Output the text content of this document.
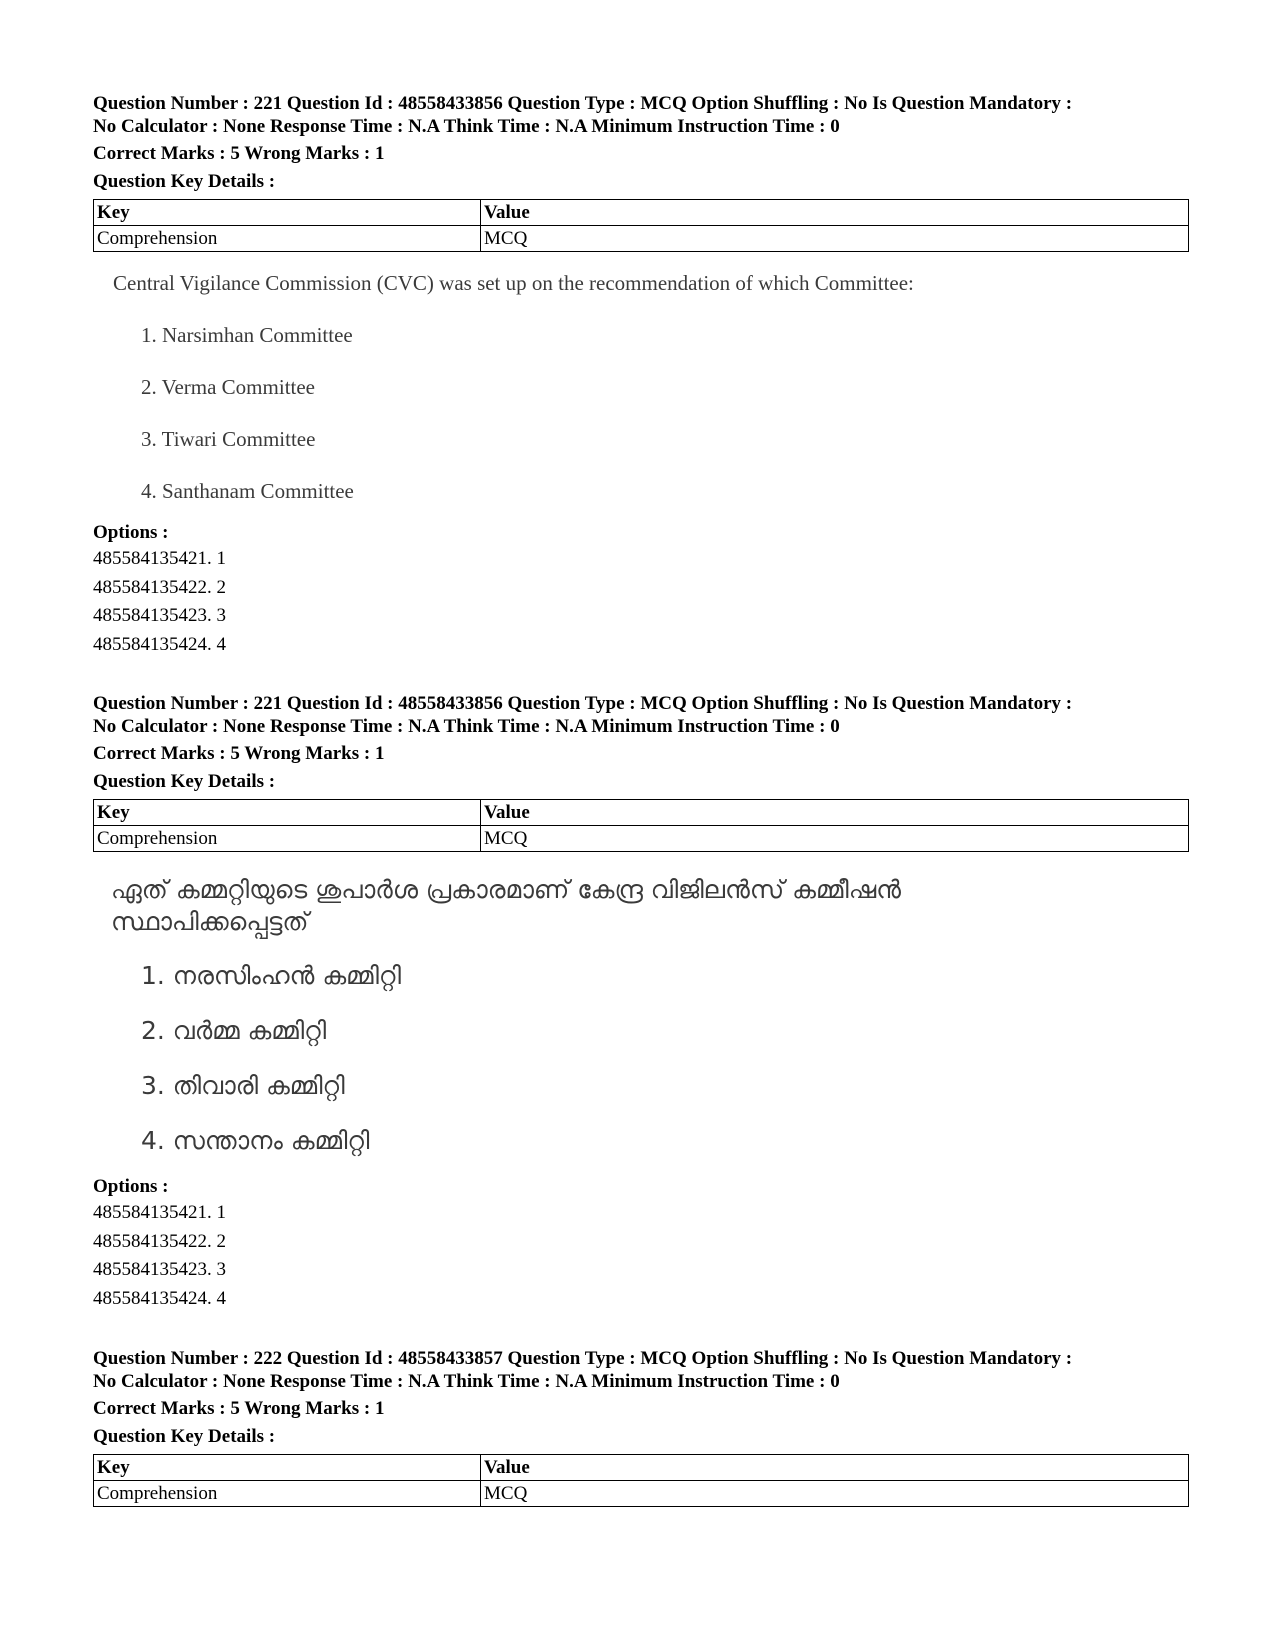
Question Number : 221 Question Id : 48558433856 Question Type : MCQ Option Shuffling : No Is Question Mandatory :
No Calculator : None Response Time : N.A Think Time : N.A Minimum Instruction Time : 0
Correct Marks : 5 Wrong Marks : 1
Question Key Details :
Key	Value
Comprehension	MCQ
Central Vigilance Commission (CVC) was set up on the recommendation of which Committee:
1. Narsimhan Committee
2. Verma Committee
3. Tiwari Committee
4. Santhanam Committee
Options :
485584135421. 1
485584135422. 2
485584135423. 3
485584135424. 4
Question Number : 221 Question Id : 48558433856 Question Type : MCQ Option Shuffling : No Is Question Mandatory :
No Calculator : None Response Time : N.A Think Time : N.A Minimum Instruction Time : 0
Correct Marks : 5 Wrong Marks : 1
Question Key Details :
Key	Value
Comprehension	MCQ
ഏത് കമ്മറ്റിയുടെ ശുപാർശ പ്രകാരമാണ് കേന്ദ്ര വിജിലൻസ് കമ്മീഷൻ സ്ഥാപിക്കപ്പെട്ടത്
1. നരസിംഹൻ കമ്മിറ്റി
2. വർമ്മ കമ്മിറ്റി
3. തിവാരി കമ്മിറ്റി
4. സന്താനം കമ്മിറ്റി
Options :
485584135421. 1
485584135422. 2
485584135423. 3
485584135424. 4
Question Number : 222 Question Id : 48558433857 Question Type : MCQ Option Shuffling : No Is Question Mandatory :
No Calculator : None Response Time : N.A Think Time : N.A Minimum Instruction Time : 0
Correct Marks : 5 Wrong Marks : 1
Question Key Details :
Key	Value
Comprehension	MCQ
